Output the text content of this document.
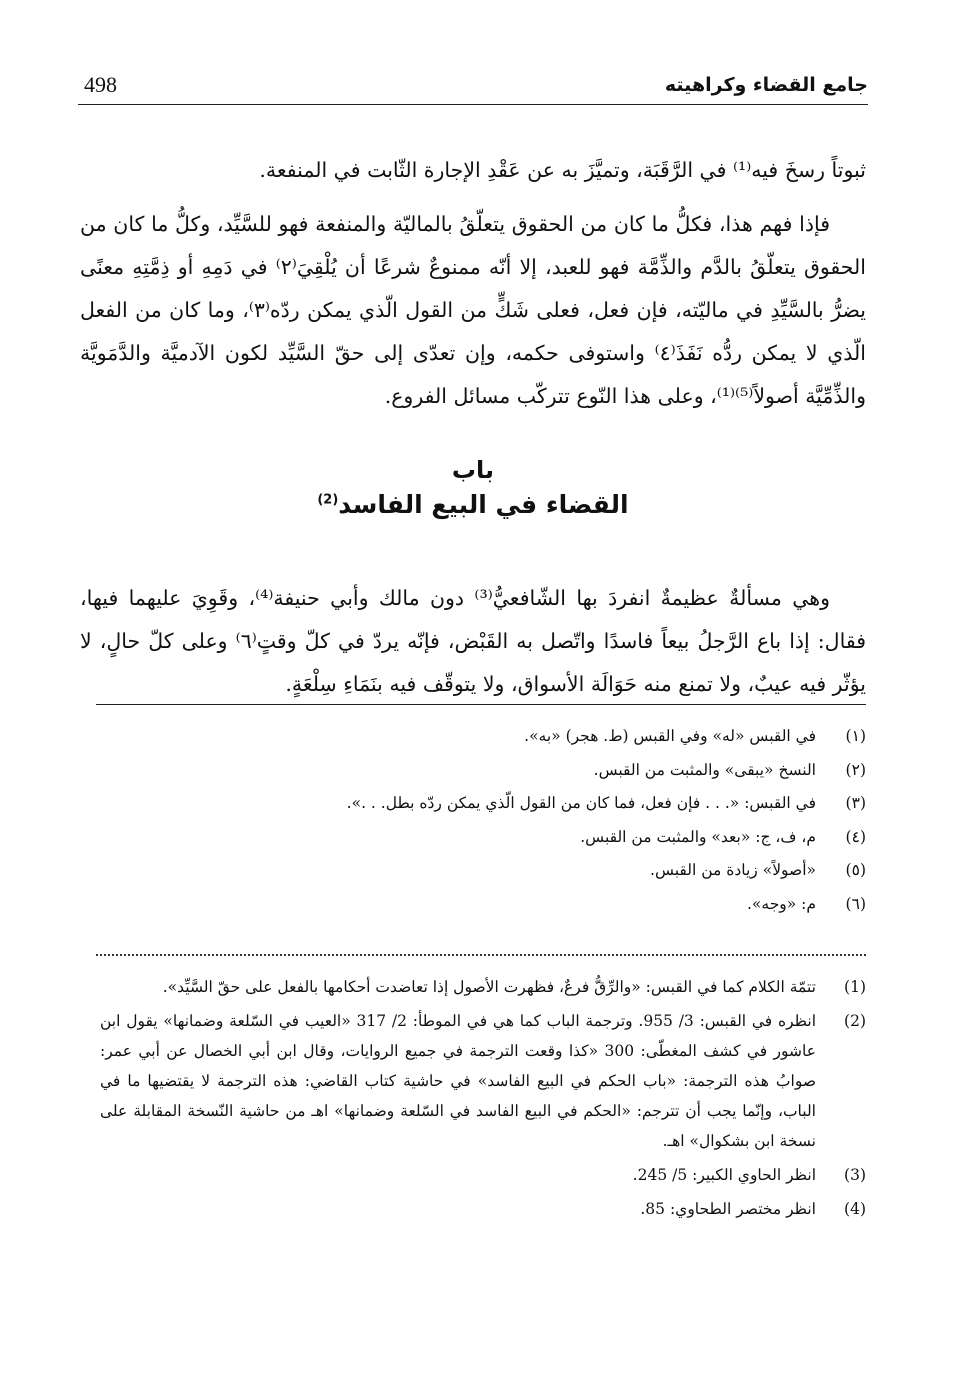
جامع القضاء وكراهيته
498

ثبوتاً رسخَ فيه⁽¹⁾ في الرَّقَبَة، وتميَّزَ به عن عَقْدِ الإجارة الثّابت في المنفعة.

فإذا فهم هذا، فكلُّ ما كان من الحقوق يتعلّقُ بالماليّة والمنفعة فهو للسَّيِّد، وكلُّ ما كان من الحقوق يتعلّقُ بالدَّم والذِّمَّة فهو للعبد، إلا أنّه ممنوعٌ شرعًا أن يُلْقِيَ⁽٢⁾ في دَمِهِ أو ذِمَّتِهِ معنًى يضرُّ بالسَّيِّدِ في ماليّته، فإن فعل، فعلى شَكٍّ من القول الّذي يمكن ردّه⁽٣⁾، وما كان من الفعل الّذي لا يمكن ردُّه نَفَذَ⁽٤⁾ واستوفى حكمه، وإن تعدّى إلى حقّ السَّيِّد لكون الآدميَّة والدَّمَويَّة والذِّمِّيَّة أصولاً⁽⁵⁾⁽¹⁾، وعلى هذا النّوع تتركّب مسائل الفروع.

باب
القضاء في البيع الفاسد$^{(2)}$

وهي مسألةٌ عظيمةٌ انفردَ بها الشّافعيُّ⁽³⁾ دون مالك وأبي حنيفة⁽⁴⁾، وقَوِيَ عليهما فيها، فقال: إذا باع الرَّجلُ بيعاً فاسدًا واتّصل به القَبْض، فإنّه يردّ في كلّ وقتٍ⁽٦⁾ وعلى كلّ حالٍ، لا يؤثّر فيه عيبٌ، ولا تمنع منه حَوَالَة الأسواق، ولا يتوقّف فيه بنَمَاءِ سِلْعَةٍ.

(١)
في القبس «له» وفي القبس (ط. هجر) «به».
(٢)
النسخ «يبقى» والمثبت من القبس.
(٣)
في القبس: «. . . فإن فعل، فما كان من القول الّذي يمكن ردّه بطل. . .».
(٤)
م، ف، ج: «بعد» والمثبت من القبس.
(٥)
«أصولاً» زيادة من القبس.
(٦)
م: «وجه».
(1)
تتمّة الكلام كما في القبس: «والرِّقُّ فرعٌ، فظهرت الأصول إذا تعاضدت أحكامها بالفعل على حقّ السَّيِّد».
(2)
انظره في القبس: 3/ 955. وترجمة الباب كما هي في الموطأ: 2/ 317 «العيب في السّلعة وضمانها» يقول ابن عاشور في كشف المغطّى: 300 «كذا وقعت الترجمة في جميع الروايات، وقال ابن أبي الخصال عن أبي عمر: صوابُ هذه الترجمة: «باب الحكم في البيع الفاسد» في حاشية كتاب القاضي: هذه الترجمة لا يقتضيها ما في الباب، وإنّما يجب أن تترجم: «الحكم في البيع الفاسد في السّلعة وضمانها» اهـ من حاشية النّسخة المقابلة على نسخة ابن بشكوال» اهـ.
(3)
انظر الحاوي الكبير: 5/ 245.
(4)
انظر مختصر الطحاوي: 85.
